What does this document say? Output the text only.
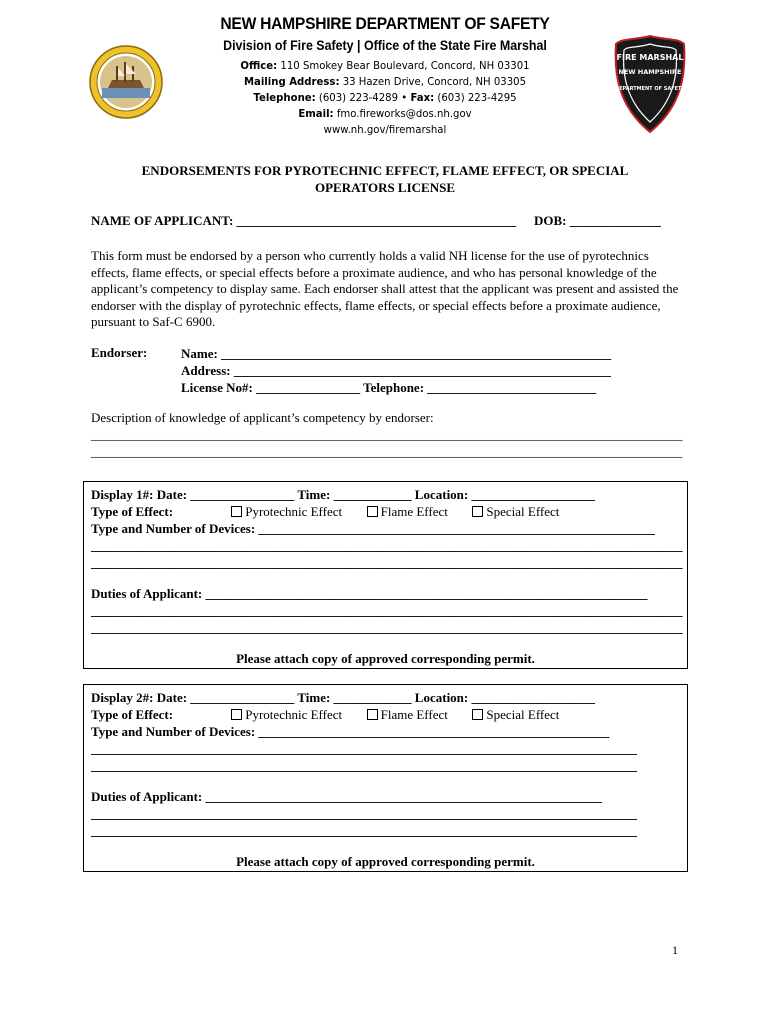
NEW HAMPSHIRE DEPARTMENT OF SAFETY
Division of Fire Safety | Office of the State Fire Marshal
Office: 110 Smokey Bear Boulevard, Concord, NH 03301
Mailing Address: 33 Hazen Drive, Concord, NH 03305
Telephone: (603) 223-4289 • Fax: (603) 223-4295
Email: fmo.fireworks@dos.nh.gov
www.nh.gov/firemarshal
FIRE MARSHAL
NEW HAMPSHIRE
DEPARTMENT OF SAFETY
ENDORSEMENTS FOR PYROTECHNIC EFFECT, FLAME EFFECT, OR SPECIAL
OPERATORS LICENSE
NAME OF APPLICANT: ___________________________________________ DOB: ______________
This form must be endorsed by a person who currently holds a valid NH license for the use of pyrotechnics effects, flame effects, or special effects before a proximate audience, and who has personal knowledge of the applicant’s competency to display same. Each endorser shall attest that the applicant was present and assisted the endorser with the display of pyrotechnic effects, flame effects, or special effects before a proximate audience, pursuant to Saf-C 6900.
Endorser:	Name: ____________________________________________________________
Address: __________________________________________________________
License No#: ________________ Telephone: __________________________
Description of knowledge of applicant’s competency by endorser:
___________________________________________________________________________________________
___________________________________________________________________________________________
Display 1#: Date: ________________ Time: ____________ Location: ___________________
Type of Effect:	Pyrotechnic Effect	Flame Effect	Special Effect
Type and Number of Devices: _____________________________________________________________
___________________________________________________________________________________________
___________________________________________________________________________________________
Duties of Applicant: ____________________________________________________________________
___________________________________________________________________________________________
___________________________________________________________________________________________
Please attach copy of approved corresponding permit.
Display 2#: Date: ________________ Time: ____________ Location: ___________________
Type of Effect:	Pyrotechnic Effect	Flame Effect	Special Effect
Type and Number of Devices: ______________________________________________________
____________________________________________________________________________________
____________________________________________________________________________________
Duties of Applicant: _____________________________________________________________
____________________________________________________________________________________
____________________________________________________________________________________
Please attach copy of approved corresponding permit.
1
